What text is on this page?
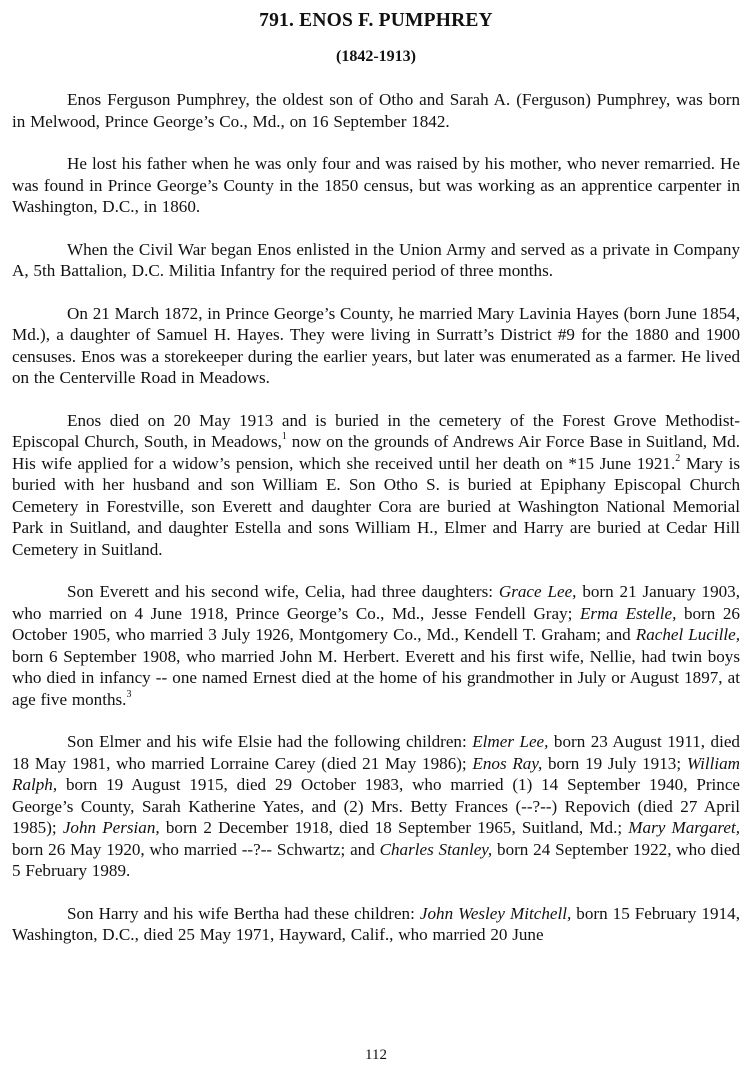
791. ENOS F. PUMPHREY
(1842-1913)

Enos Ferguson Pumphrey, the oldest son of Otho and Sarah A. (Ferguson) Pumphrey, was born in Melwood, Prince George’s Co., Md., on 16 September 1842.

He lost his father when he was only four and was raised by his mother, who never remarried. He was found in Prince George’s County in the 1850 census, but was working as an apprentice carpenter in Washington, D.C., in 1860.

When the Civil War began Enos enlisted in the Union Army and served as a private in Company A, 5th Battalion, D.C. Militia Infantry for the required period of three months.

On 21 March 1872, in Prince George’s County, he married Mary Lavinia Hayes (born June 1854, Md.), a daughter of Samuel H. Hayes. They were living in Surratt’s District #9 for the 1880 and 1900 censuses. Enos was a storekeeper during the earlier years, but later was enumerated as a farmer. He lived on the Centerville Road in Meadows.

Enos died on 20 May 1913 and is buried in the cemetery of the Forest Grove Methodist-Episcopal Church, South, in Meadows,$^1$ now on the grounds of Andrews Air Force Base in Suitland, Md. His wife applied for a widow’s pension, which she received until her death on *15 June 1921.$^2$ Mary is buried with her husband and son William E. Son Otho S. is buried at Epiphany Episcopal Church Cemetery in Forestville, son Everett and daughter Cora are buried at Washington National Memorial Park in Suitland, and daughter Estella and sons William H., Elmer and Harry are buried at Cedar Hill Cemetery in Suitland.

Son Everett and his second wife, Celia, had three daughters: Grace Lee, born 21 January 1903, who married on 4 June 1918, Prince George’s Co., Md., Jesse Fendell Gray; Erma Estelle, born 26 October 1905, who married 3 July 1926, Montgomery Co., Md., Kendell T. Graham; and Rachel Lucille, born 6 September 1908, who married John M. Herbert. Everett and his first wife, Nellie, had twin boys who died in infancy -- one named Ernest died at the home of his grandmother in July or August 1897, at age five months.$^3$

Son Elmer and his wife Elsie had the following children: Elmer Lee, born 23 August 1911, died 18 May 1981, who married Lorraine Carey (died 21 May 1986); Enos Ray, born 19 July 1913; William Ralph, born 19 August 1915, died 29 October 1983, who married (1) 14 September 1940, Prince George’s County, Sarah Katherine Yates, and (2) Mrs. Betty Frances (--?--) Repovich (died 27 April 1985); John Persian, born 2 December 1918, died 18 September 1965, Suitland, Md.; Mary Margaret, born 26 May 1920, who married --?-- Schwartz; and Charles Stanley, born 24 September 1922, who died 5 February 1989.

Son Harry and his wife Bertha had these children: John Wesley Mitchell, born 15 February 1914, Washington, D.C., died 25 May 1971, Hayward, Calif., who married 20 June

112
